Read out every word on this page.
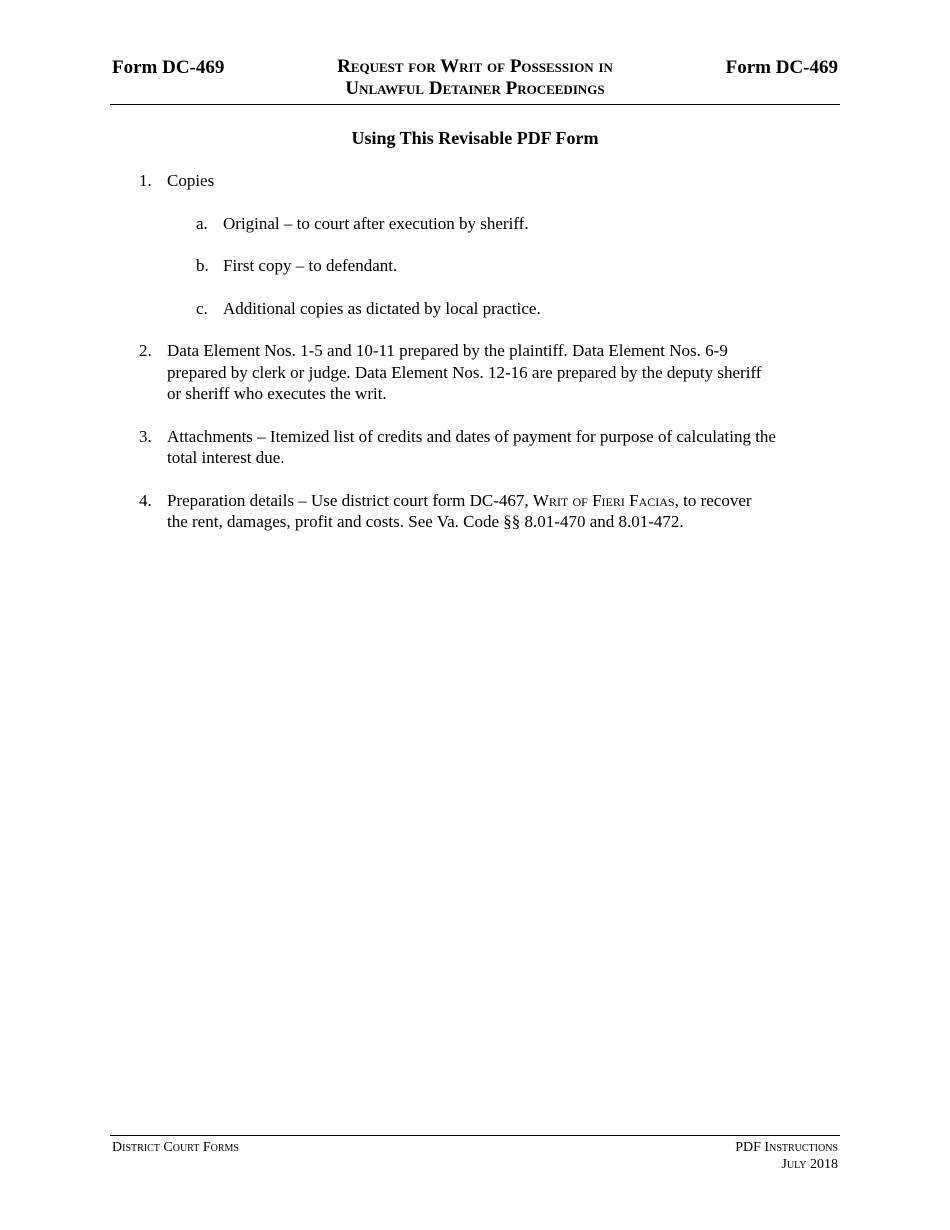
Form DC-469	Request for Writ of Possession in
Unlawful Detainer Proceedings
Form DC-469
Using This Revisable PDF Form
1. Copies
a. Original – to court after execution by sheriff.
b. First copy – to defendant.
c. Additional copies as dictated by local practice.
2. Data Element Nos. 1-5 and 10-11 prepared by the plaintiff. Data Element Nos. 6-9
prepared by clerk or judge. Data Element Nos. 12-16 are prepared by the deputy sheriff
or sheriff who executes the writ.
3. Attachments – Itemized list of credits and dates of payment for purpose of calculating the
total interest due.
4. Preparation details – Use district court form DC-467, Writ of Fieri Facias, to recover
the rent, damages, profit and costs. See Va. Code §§ 8.01-470 and 8.01-472.
District Court Forms	PDF Instructions
July 2018
